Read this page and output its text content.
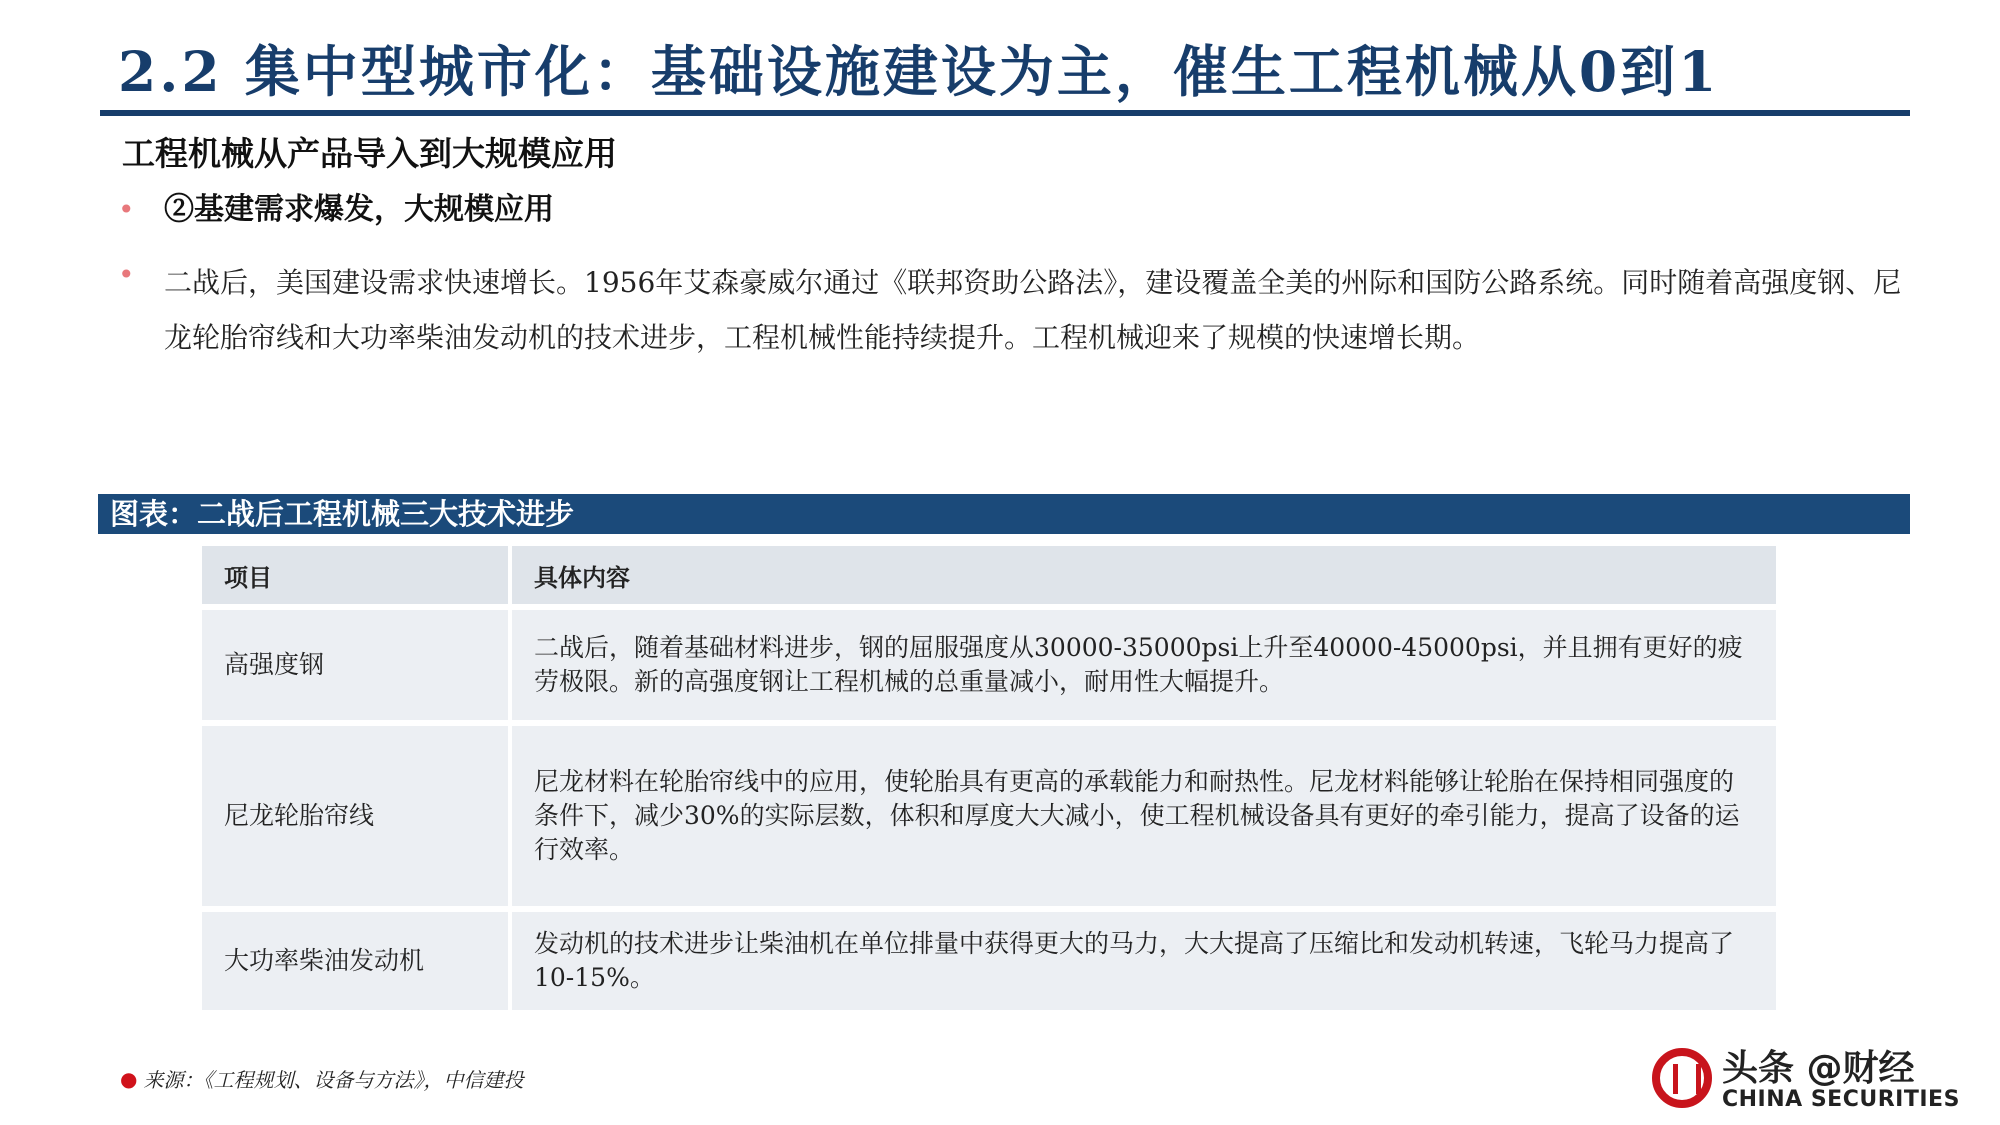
2.2 集中型城市化：基础设施建设为主，催生工程机械从0到1
工程机械从产品导入到大规模应用
• ②基建需求爆发，大规模应用
• 二战后，美国建设需求快速增长。1956年艾森豪威尔通过《联邦资助公路法》，建设覆盖全美的州际和国防公路系统。同时随着高强度钢、尼龙轮胎帘线和大功率柴油发动机的技术进步，工程机械性能持续提升。工程机械迎来了规模的快速增长期。
图表：二战后工程机械三大技术进步
项目	具体内容
高强度钢	二战后，随着基础材料进步，钢的屈服强度从30000-35000psi上升至40000-45000psi，并且拥有更好的疲劳极限。新的高强度钢让工程机械的总重量减小，耐用性大幅提升。
尼龙轮胎帘线	尼龙材料在轮胎帘线中的应用，使轮胎具有更高的承载能力和耐热性。尼龙材料能够让轮胎在保持相同强度的条件下，减少30%的实际层数，体积和厚度大大减小，使工程机械设备具有更好的牵引能力，提高了设备的运行效率。
大功率柴油发动机	发动机的技术进步让柴油机在单位排量中获得更大的马力，大大提高了压缩比和发动机转速，飞轮马力提高了10-15%。
● 来源：《工程规划、设备与方法》，中信建投	头条 @财经
CHINA SECURITIES
